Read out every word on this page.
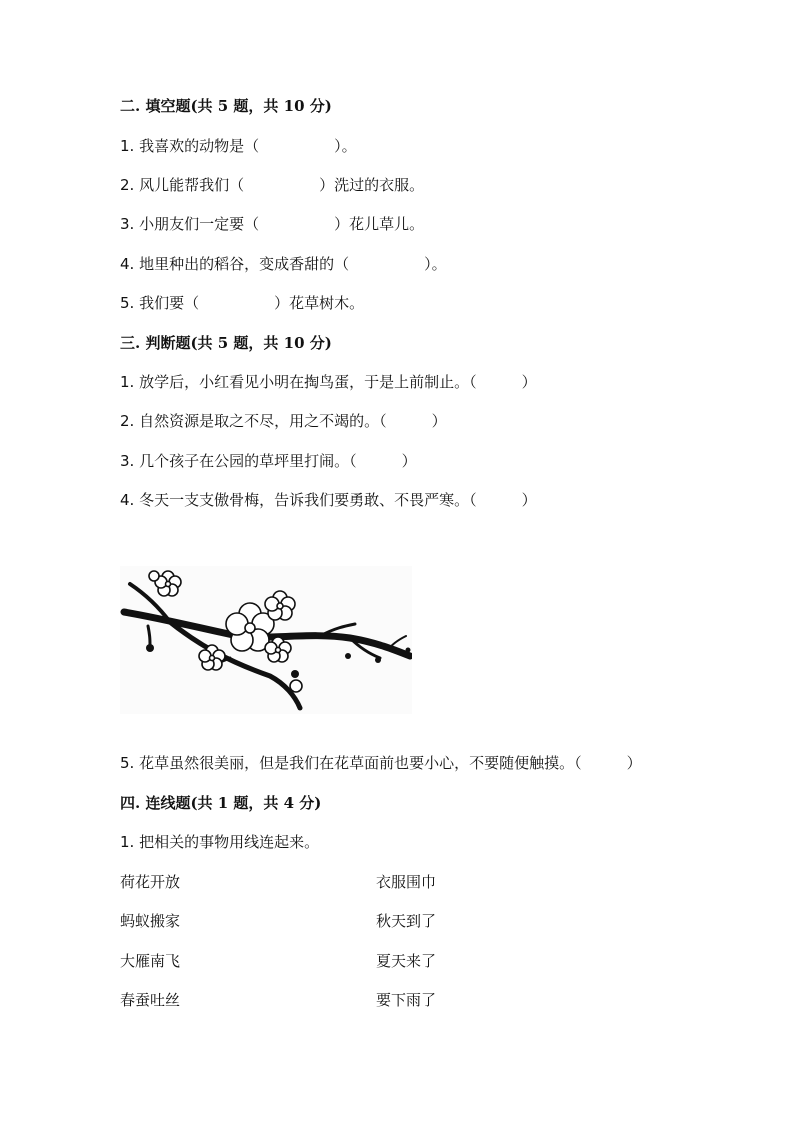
二. 填空题(共 5 题，共 10 分)
1. 我喜欢的动物是（　　　　　）。
2. 风儿能帮我们（　　　　　）洗过的衣服。
3. 小朋友们一定要（　　　　　）花儿草儿。
4. 地里种出的稻谷，变成香甜的（　　　　　）。
5. 我们要（　　　　　）花草树木。
三. 判断题(共 5 题，共 10 分)
1. 放学后，小红看见小明在掏鸟蛋，于是上前制止。（　　　）
2. 自然资源是取之不尽，用之不竭的。（　　　）
3. 几个孩子在公园的草坪里打闹。（　　　）
4. 冬天一支支傲骨梅，告诉我们要勇敢、不畏严寒。（　　　）
5. 花草虽然很美丽，但是我们在花草面前也要小心，不要随便触摸。（　　　）
四. 连线题(共 1 题，共 4 分)
1. 把相关的事物用线连起来。
荷花开放	衣服围巾
蚂蚁搬家	秋天到了
大雁南飞	夏天来了
春蚕吐丝	要下雨了
